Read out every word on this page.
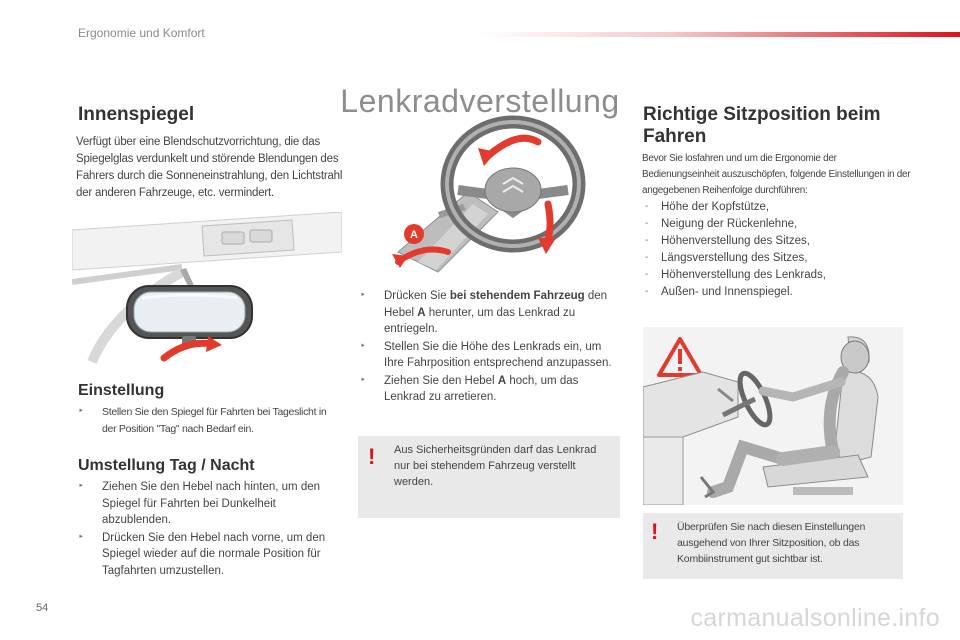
Ergonomie und Komfort
Lenkradverstellung
Innenspiegel

Verfügt über eine Blendschutzvorrichtung, die das Spiegelglas verdunkelt und störende Blendungen des Fahrers durch die Sonneneinstrahlung, den Lichtstrahl der anderen Fahrzeuge, etc. vermindert.

Einstellung
‣ Stellen Sie den Spiegel für Fahrten bei Tageslicht in der Position "Tag" nach Bedarf ein.
Umstellung Tag / Nacht
‣ Ziehen Sie den Hebel nach hinten, um den Spiegel für Fahrten bei Dunkelheit abzublenden.
‣ Drücken Sie den Hebel nach vorne, um den Spiegel wieder auf die normale Position für Tagfahrten umzustellen.
A
‣ Drücken Sie bei stehendem Fahrzeug den Hebel A herunter, um das Lenkrad zu entriegeln.
‣ Stellen Sie die Höhe des Lenkrads ein, um Ihre Fahrposition entsprechend anzupassen.
‣ Ziehen Sie den Hebel A hoch, um das Lenkrad zu arretieren.
! Aus Sicherheitsgründen darf das Lenkrad nur bei stehendem Fahrzeug verstellt werden.

Richtige Sitzposition beim Fahren

Bevor Sie losfahren und um die Ergonomie der Bedienungseinheit auszuschöpfen, folgende Einstellungen in der angegebenen Reihenfolge durchführen:

- Höhe der Kopfstütze,
- Neigung der Rückenlehne,
- Höhenverstellung des Sitzes,
- Längsverstellung des Sitzes,
- Höhenverstellung des Lenkrads,
- Außen- und Innenspiegel.
! Überprüfen Sie nach diesen Einstellungen ausgehend von Ihrer Sitzposition, ob das Kombiinstrument gut sichtbar ist.

54	carmanualsonline.info
